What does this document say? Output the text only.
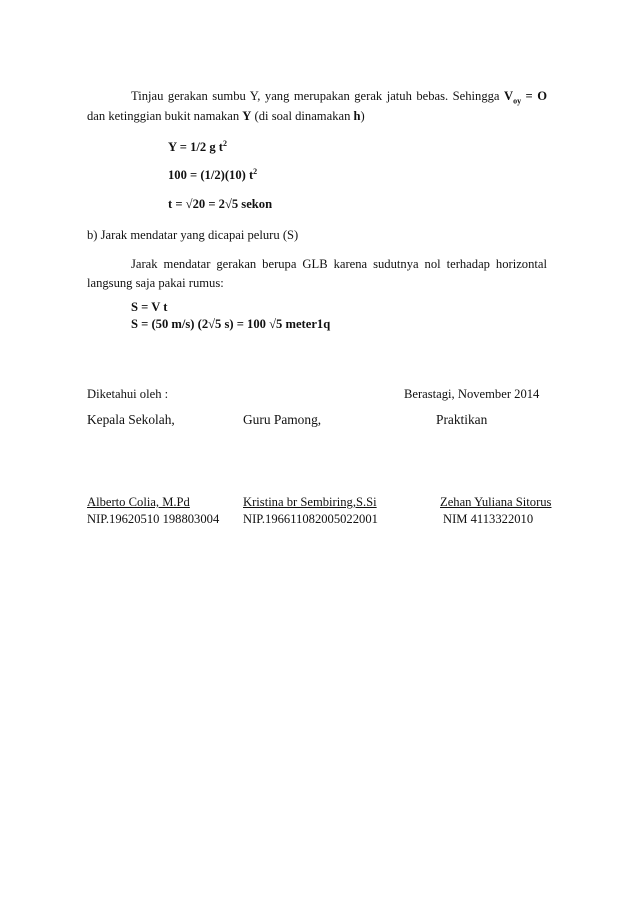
Tinjau gerakan sumbu Y, yang merupakan gerak jatuh bebas. Sehingga $V_{oy} = O$
dan ketinggian bukit namakan Y (di soal dinamakan h)
Y = 1/2 g $t^2$
100 = (1/2)(10) $t^2$
t = √20 = 2√5 sekon
b) Jarak mendatar yang dicapai peluru (S)
Jarak mendatar gerakan berupa GLB karena sudutnya nol terhadap horizontal
langsung saja pakai rumus:
S = V t
S = (50 m/s) (2√5 s) = 100 √5 meter1q
Diketahui oleh :	Berastagi, November 2014
Kepala Sekolah,	Guru Pamong,	Praktikan
Alberto Colia, M.Pd	Kristina br Sembiring,S.Si	Zehan Yuliana Sitorus
NIP.19620510 198803004 NIP.196611082005022001	NIM 4113322010
